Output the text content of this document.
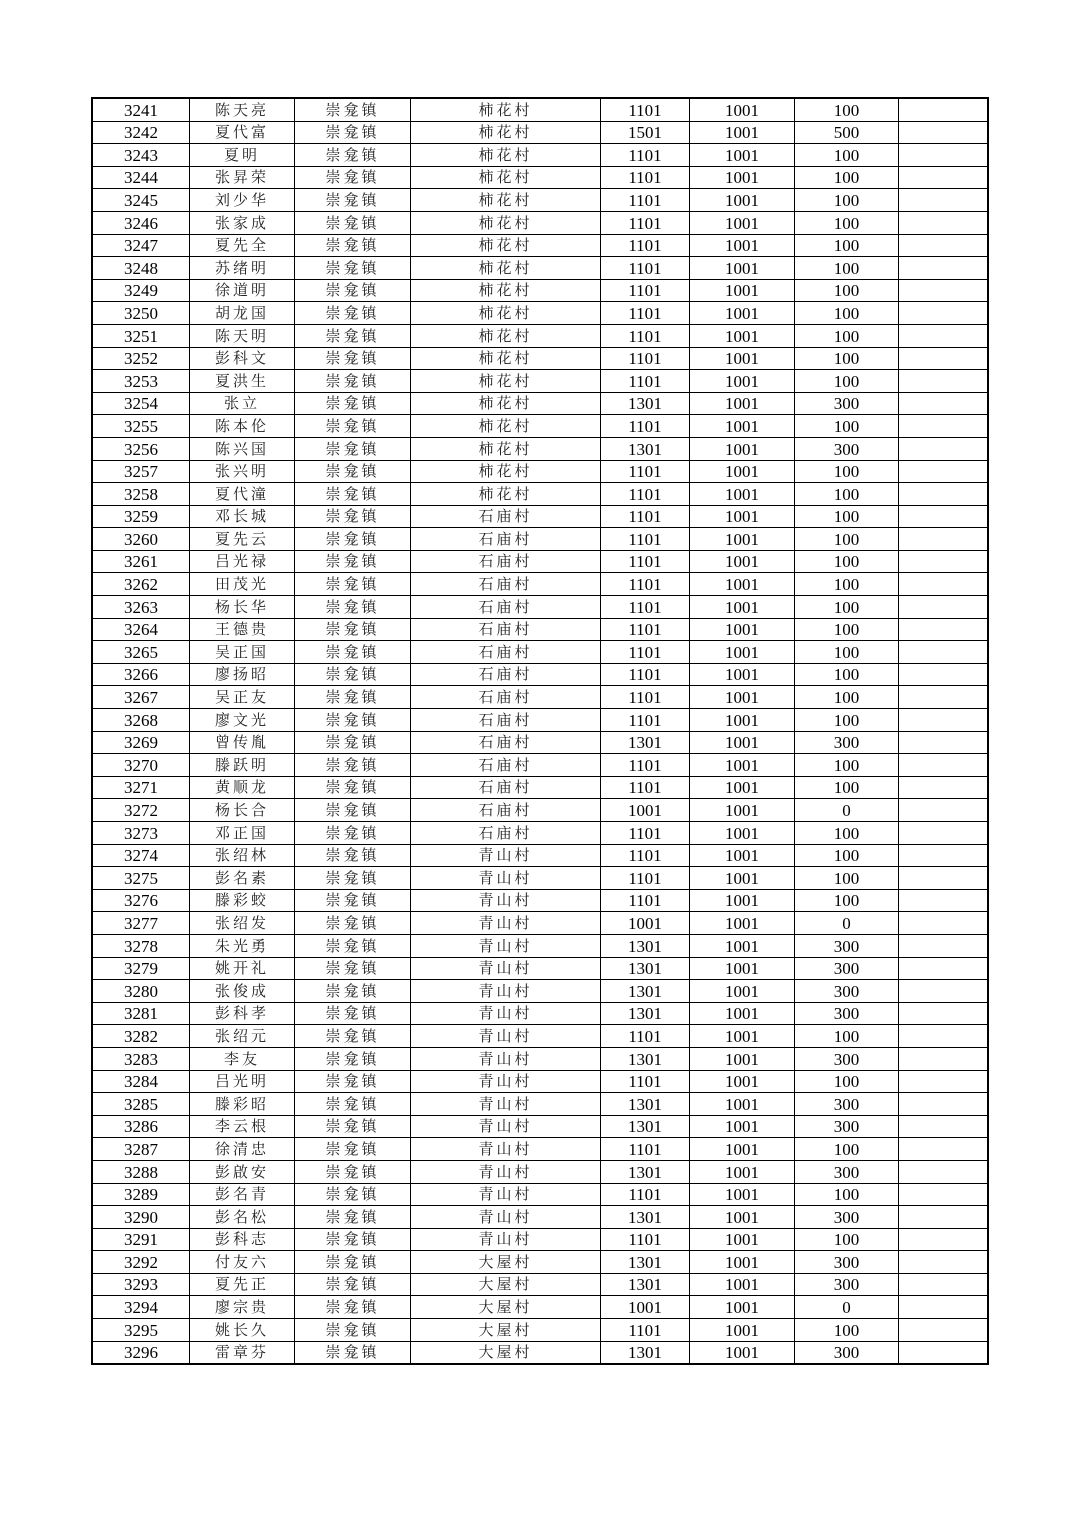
3241	陈天亮	崇龛镇	柿花村	1101	1001	100	
3242	夏代富	崇龛镇	柿花村	1501	1001	500	
3243	夏明	崇龛镇	柿花村	1101	1001	100	
3244	张昇荣	崇龛镇	柿花村	1101	1001	100	
3245	刘少华	崇龛镇	柿花村	1101	1001	100	
3246	张家成	崇龛镇	柿花村	1101	1001	100	
3247	夏先全	崇龛镇	柿花村	1101	1001	100	
3248	苏绪明	崇龛镇	柿花村	1101	1001	100	
3249	徐道明	崇龛镇	柿花村	1101	1001	100	
3250	胡龙国	崇龛镇	柿花村	1101	1001	100	
3251	陈天明	崇龛镇	柿花村	1101	1001	100	
3252	彭科文	崇龛镇	柿花村	1101	1001	100	
3253	夏洪生	崇龛镇	柿花村	1101	1001	100	
3254	张立	崇龛镇	柿花村	1301	1001	300	
3255	陈本伦	崇龛镇	柿花村	1101	1001	100	
3256	陈兴国	崇龛镇	柿花村	1301	1001	300	
3257	张兴明	崇龛镇	柿花村	1101	1001	100	
3258	夏代潼	崇龛镇	柿花村	1101	1001	100	
3259	邓长城	崇龛镇	石庙村	1101	1001	100	
3260	夏先云	崇龛镇	石庙村	1101	1001	100	
3261	吕光禄	崇龛镇	石庙村	1101	1001	100	
3262	田茂光	崇龛镇	石庙村	1101	1001	100	
3263	杨长华	崇龛镇	石庙村	1101	1001	100	
3264	王德贵	崇龛镇	石庙村	1101	1001	100	
3265	吴正国	崇龛镇	石庙村	1101	1001	100	
3266	廖扬昭	崇龛镇	石庙村	1101	1001	100	
3267	吴正友	崇龛镇	石庙村	1101	1001	100	
3268	廖文光	崇龛镇	石庙村	1101	1001	100	
3269	曾传胤	崇龛镇	石庙村	1301	1001	300	
3270	滕跃明	崇龛镇	石庙村	1101	1001	100	
3271	黄顺龙	崇龛镇	石庙村	1101	1001	100	
3272	杨长合	崇龛镇	石庙村	1001	1001	0	
3273	邓正国	崇龛镇	石庙村	1101	1001	100	
3274	张绍林	崇龛镇	青山村	1101	1001	100	
3275	彭名素	崇龛镇	青山村	1101	1001	100	
3276	滕彩蛟	崇龛镇	青山村	1101	1001	100	
3277	张绍发	崇龛镇	青山村	1001	1001	0	
3278	朱光勇	崇龛镇	青山村	1301	1001	300	
3279	姚开礼	崇龛镇	青山村	1301	1001	300	
3280	张俊成	崇龛镇	青山村	1301	1001	300	
3281	彭科孝	崇龛镇	青山村	1301	1001	300	
3282	张绍元	崇龛镇	青山村	1101	1001	100	
3283	李友	崇龛镇	青山村	1301	1001	300	
3284	吕光明	崇龛镇	青山村	1101	1001	100	
3285	滕彩昭	崇龛镇	青山村	1301	1001	300	
3286	李云根	崇龛镇	青山村	1301	1001	300	
3287	徐清忠	崇龛镇	青山村	1101	1001	100	
3288	彭啟安	崇龛镇	青山村	1301	1001	300	
3289	彭名青	崇龛镇	青山村	1101	1001	100	
3290	彭名松	崇龛镇	青山村	1301	1001	300	
3291	彭科志	崇龛镇	青山村	1101	1001	100	
3292	付友六	崇龛镇	大屋村	1301	1001	300	
3293	夏先正	崇龛镇	大屋村	1301	1001	300	
3294	廖宗贵	崇龛镇	大屋村	1001	1001	0	
3295	姚长久	崇龛镇	大屋村	1101	1001	100	
3296	雷章芬	崇龛镇	大屋村	1301	1001	300	
